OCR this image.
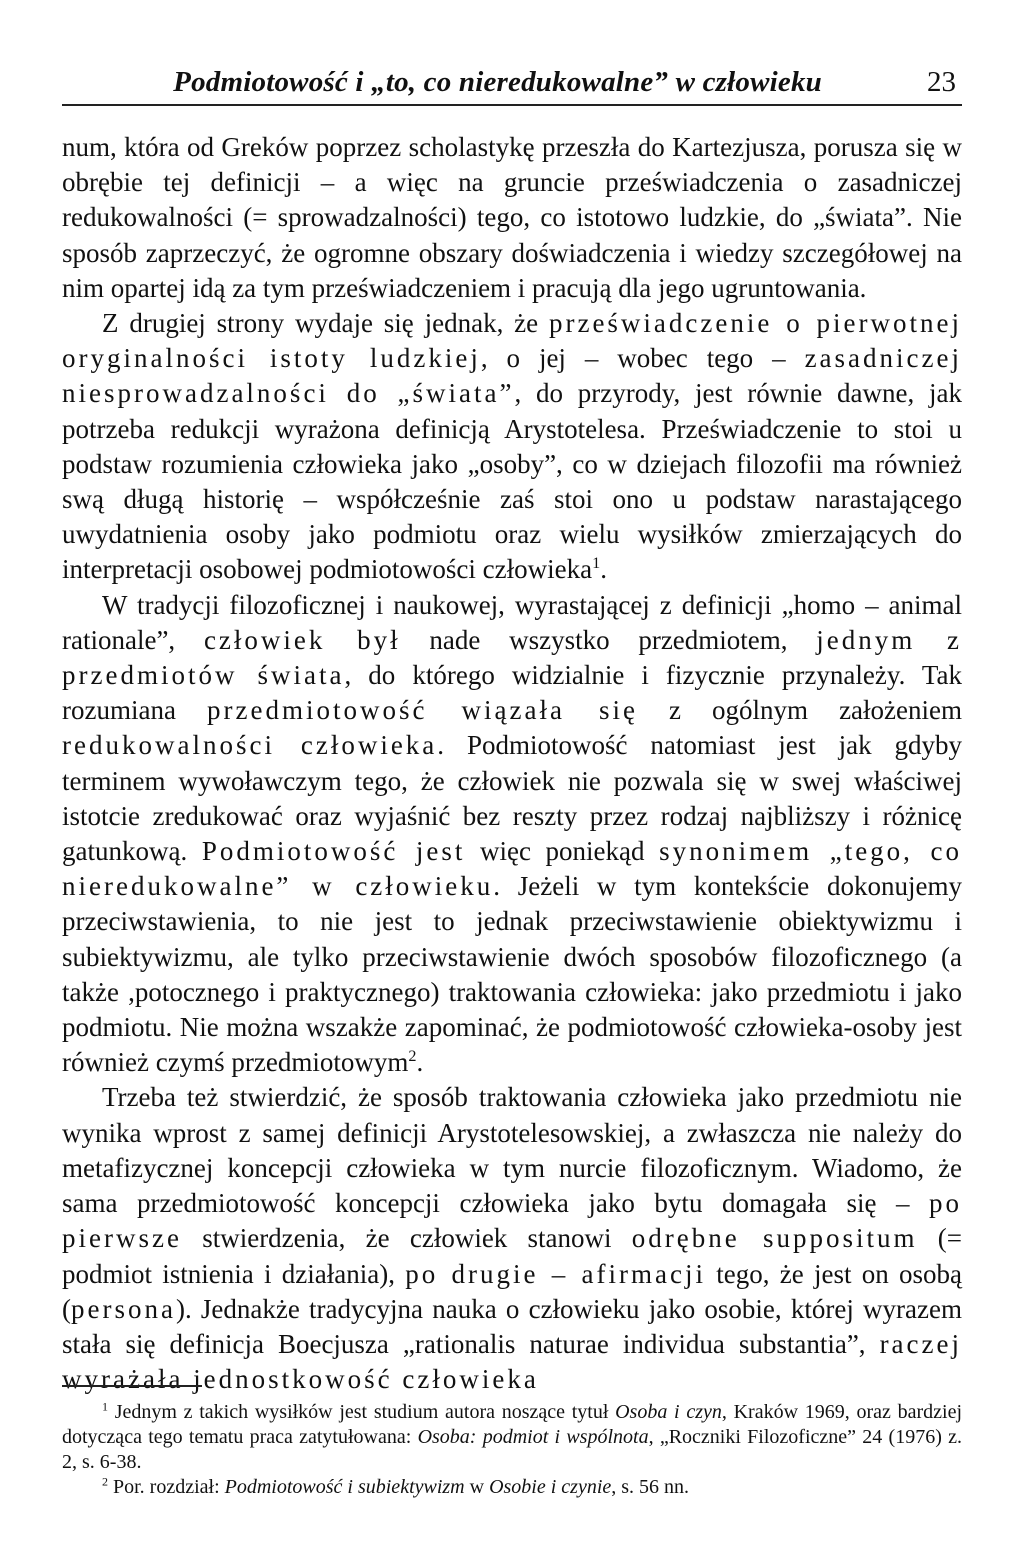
Podmiotowość i „to, co nieredukowalne” w człowieku	23

num, która od Greków poprzez scholastykę przeszła do Kartezjusza, porusza się w obrębie tej definicji – a więc na gruncie przeświadczenia o zasadniczej redukowalności (= sprowadzalności) tego, co istotowo ludzkie, do „świata”. Nie sposób zaprzeczyć, że ogromne obszary doświadczenia i wiedzy szczegółowej na nim opartej idą za tym przeświadczeniem i pracują dla jego ugruntowania.

Z drugiej strony wydaje się jednak, że przeświadczenie o pierwotnej oryginalności istoty ludzkiej, o jej – wobec tego – zasadniczej niesprowadzalności do „świata”, do przyrody, jest równie dawne, jak potrzeba redukcji wyrażona definicją Arystotelesa. Przeświadczenie to stoi u podstaw rozumienia człowieka jako „osoby”, co w dziejach filozofii ma również swą długą historię – współcześnie zaś stoi ono u podstaw narastającego uwydatnienia osoby jako podmiotu oraz wielu wysiłków zmierzających do interpretacji osobowej podmiotowości człowieka$^1$.

W tradycji filozoficznej i naukowej, wyrastającej z definicji „homo – animal rationale”, człowiek był nade wszystko przedmiotem, jednym z przedmiotów świata, do którego widzialnie i fizycznie przynależy. Tak rozumiana przedmiotowość wiązała się z ogólnym założeniem redukowalności człowieka. Podmiotowość natomiast jest jak gdyby terminem wywoławczym tego, że człowiek nie pozwala się w swej właściwej istotcie zredukować oraz wyjaśnić bez reszty przez rodzaj najbliższy i różnicę gatunkową. Podmiotowość jest więc poniekąd synonimem „tego, co nieredukowalne” w człowieku. Jeżeli w tym kontekście dokonujemy przeciwstawienia, to nie jest to jednak przeciwstawienie obiektywizmu i subiektywizmu, ale tylko przeciwstawienie dwóch sposobów filozoficznego (a także ,potocznego i praktycznego) traktowania człowieka: jako przedmiotu i jako podmiotu. Nie można wszakże zapominać, że podmiotowość człowieka-osoby jest również czymś przedmiotowym$^2$.

Trzeba też stwierdzić, że sposób traktowania człowieka jako przedmiotu nie wynika wprost z samej definicji Arystotelesowskiej, a zwłaszcza nie należy do metafizycznej koncepcji człowieka w tym nurcie filozoficznym. Wiadomo, że sama przedmiotowość koncepcji człowieka jako bytu domagała się – po pierwsze stwierdzenia, że człowiek stanowi odrębne suppositum (= podmiot istnienia i działania), po drugie – afirmacji tego, że jest on osobą (persona). Jednakże tradycyjna nauka o człowieku jako osobie, której wyrazem stała się definicja Boecjusza „rationalis naturae individua substantia”, raczej wyrażała jednostkowość człowieka

$^1$ Jednym z takich wysiłków jest studium autora noszące tytuł Osoba i czyn, Kraków 1969, oraz bardziej dotycząca tego tematu praca zatytułowana: Osoba: podmiot i wspólnota, „Roczniki Filozoficzne” 24 (1976) z. 2, s. 6-38.

$^2$ Por. rozdział: Podmiotowość i subiektywizm w Osobie i czynie, s. 56 nn.
